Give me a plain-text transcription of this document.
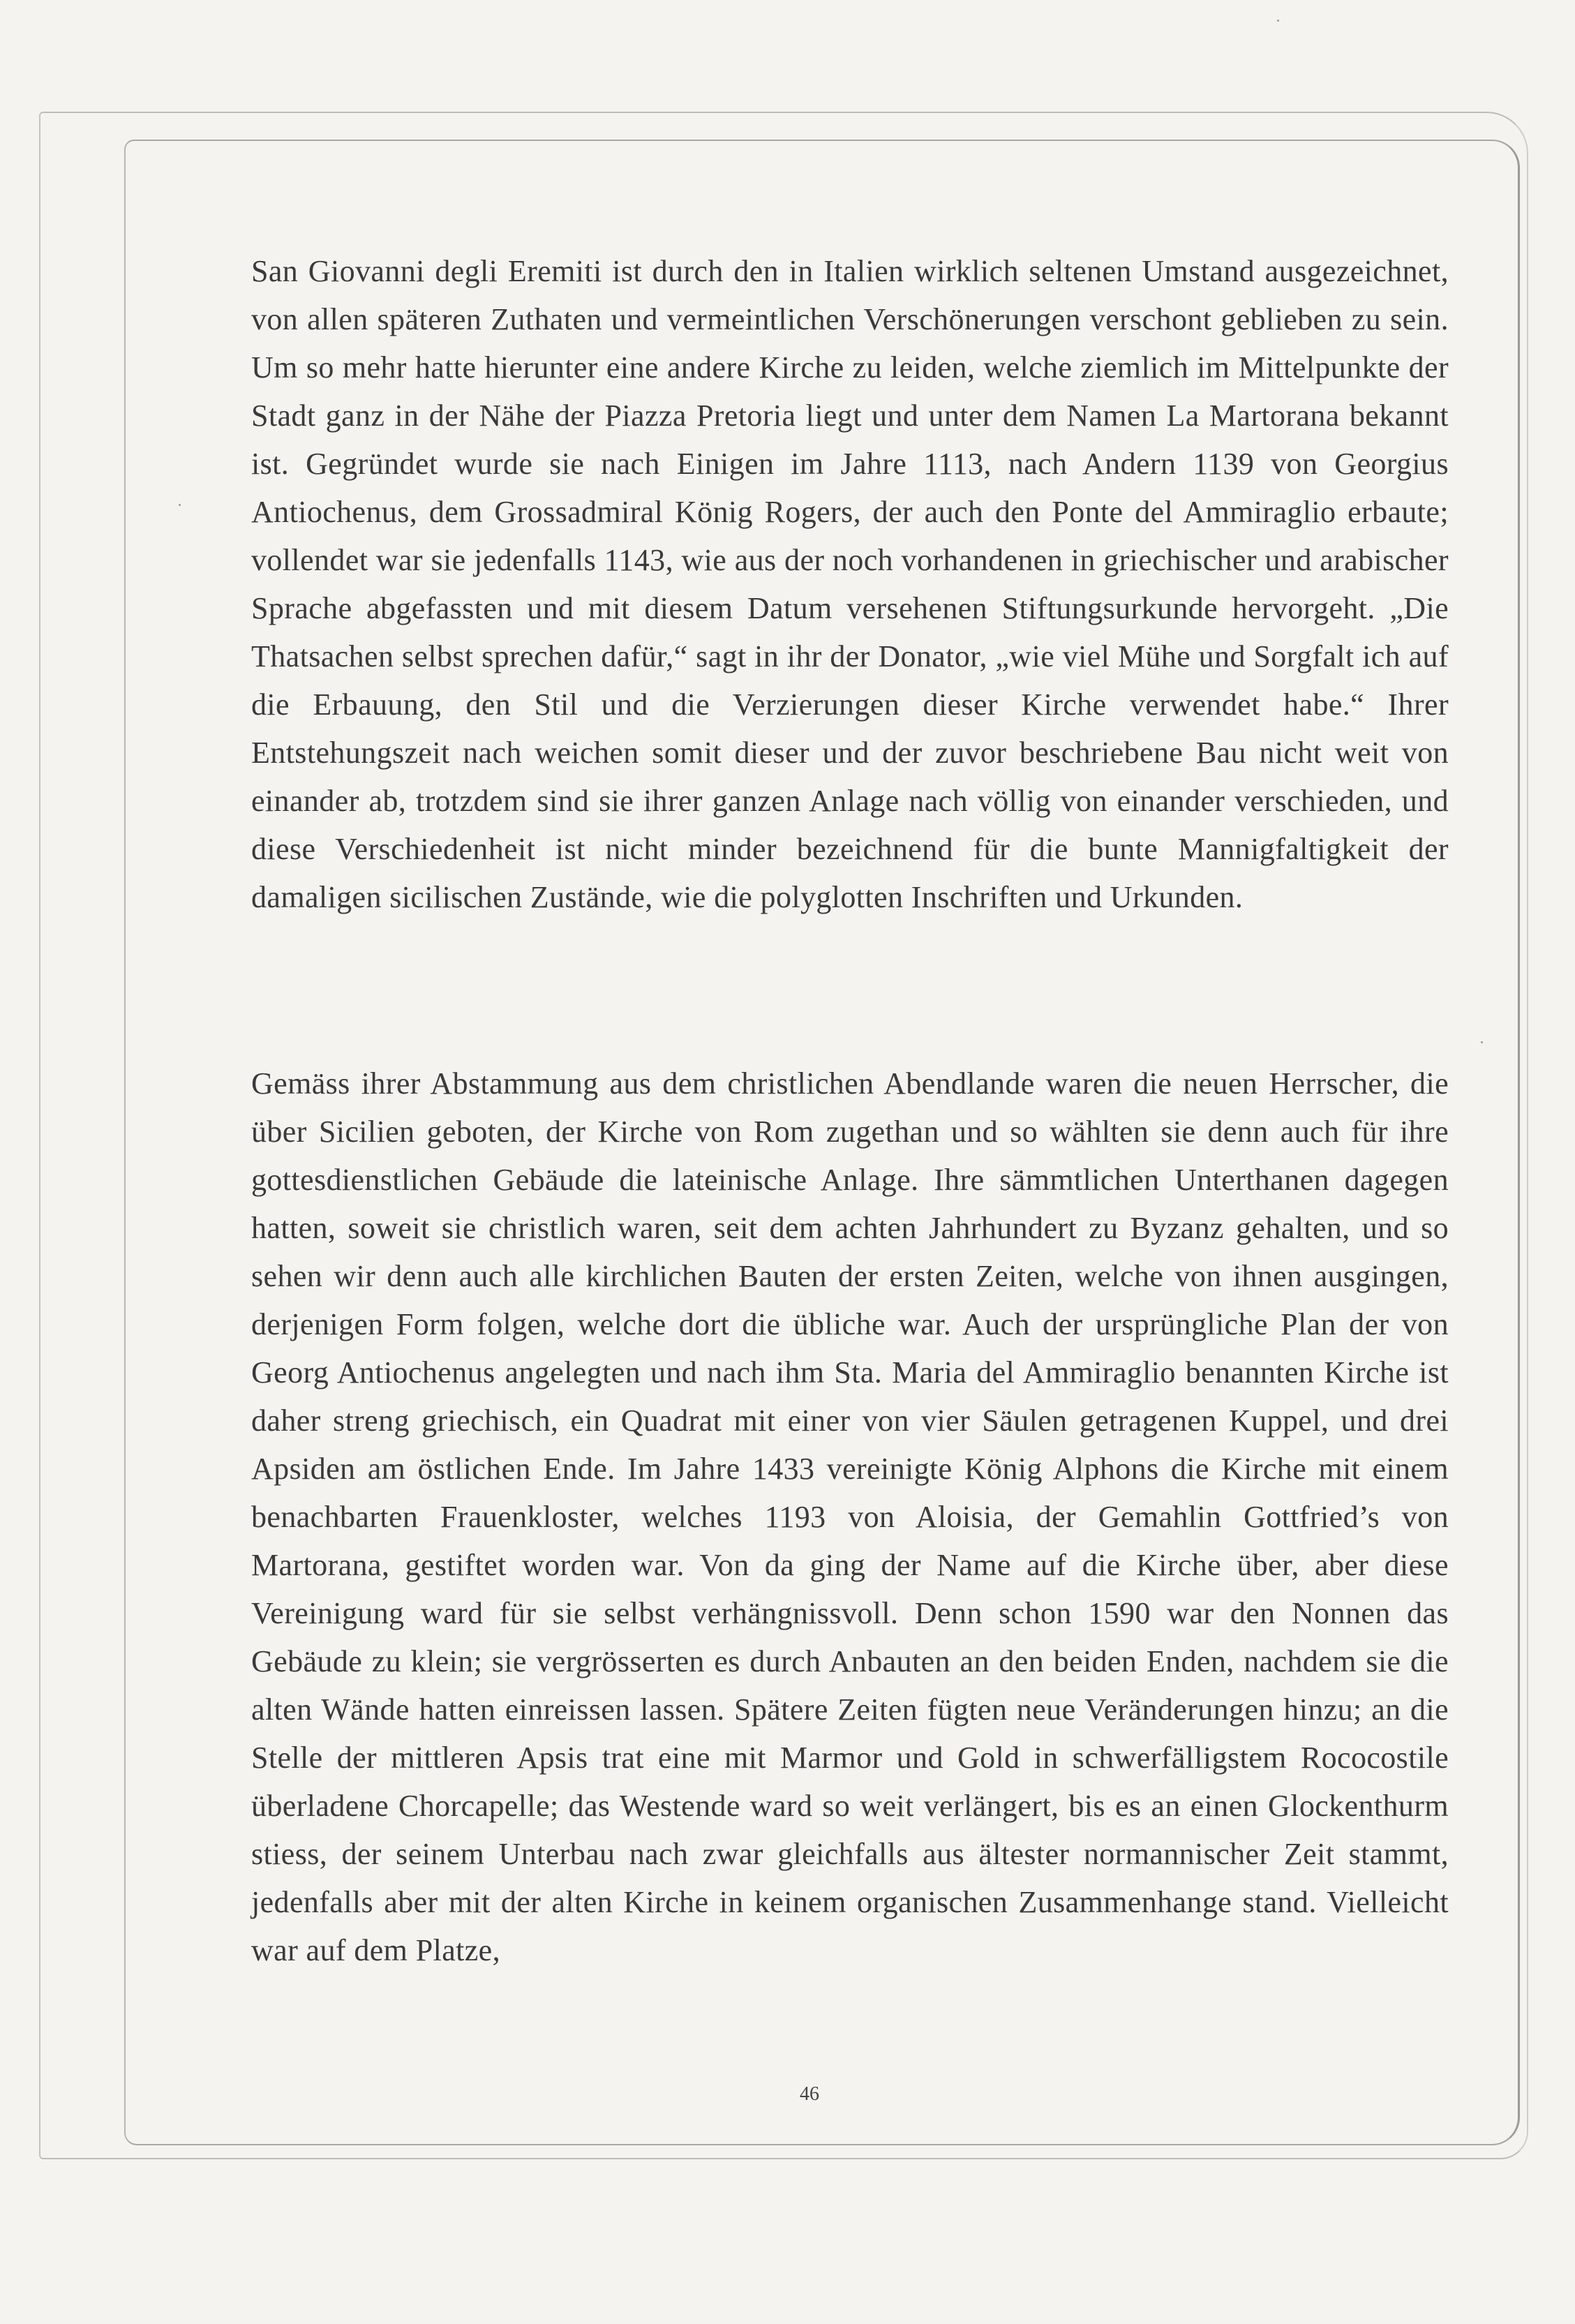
San Giovanni degli Eremiti ist durch den in Italien wirklich seltenen Umstand ausgezeichnet, von allen späteren Zuthaten und vermeintlichen Verschönerungen verschont geblieben zu sein. Um so mehr hatte hierunter eine andere Kirche zu leiden, welche ziemlich im Mittelpunkte der Stadt ganz in der Nähe der Piazza Pretoria liegt und unter dem Namen La Martorana bekannt ist. Gegründet wurde sie nach Einigen im Jahre 1113, nach Andern 1139 von Georgius Antiochenus, dem Grossadmiral König Rogers, der auch den Ponte del Ammiraglio erbaute; vollendet war sie jedenfalls 1143, wie aus der noch vorhandenen in griechischer und arabischer Sprache abgefassten und mit diesem Datum versehenen Stiftungsurkunde hervorgeht. „Die Thatsachen selbst sprechen dafür,“ sagt in ihr der Donator, „wie viel Mühe und Sorgfalt ich auf die Erbauung, den Stil und die Verzierungen dieser Kirche verwendet habe.“ Ihrer Entstehungszeit nach weichen somit dieser und der zuvor beschriebene Bau nicht weit von einander ab, trotzdem sind sie ihrer ganzen Anlage nach völlig von einander verschieden, und diese Verschiedenheit ist nicht minder bezeichnend für die bunte Mannigfaltigkeit der damaligen sicilischen Zustände, wie die polyglotten Inschriften und Urkunden.

Gemäss ihrer Abstammung aus dem christlichen Abendlande waren die neuen Herrscher, die über Sicilien geboten, der Kirche von Rom zugethan und so wählten sie denn auch für ihre gottesdienstlichen Gebäude die lateinische Anlage. Ihre sämmtlichen Unterthanen dagegen hatten, soweit sie christlich waren, seit dem achten Jahrhundert zu Byzanz gehalten, und so sehen wir denn auch alle kirchlichen Bauten der ersten Zeiten, welche von ihnen ausgingen, derjenigen Form folgen, welche dort die übliche war. Auch der ursprüngliche Plan der von Georg Antiochenus angelegten und nach ihm Sta. Maria del Ammiraglio benannten Kirche ist daher streng griechisch, ein Quadrat mit einer von vier Säulen getragenen Kuppel, und drei Apsiden am östlichen Ende. Im Jahre 1433 vereinigte König Alphons die Kirche mit einem benachbarten Frauenkloster, welches 1193 von Aloisia, der Gemahlin Gottfried’s von Martorana, gestiftet worden war. Von da ging der Name auf die Kirche über, aber diese Vereinigung ward für sie selbst verhängnissvoll. Denn schon 1590 war den Nonnen das Gebäude zu klein; sie vergrösserten es durch Anbauten an den beiden Enden, nachdem sie die alten Wände hatten einreissen lassen. Spätere Zeiten fügten neue Veränderungen hinzu; an die Stelle der mittleren Apsis trat eine mit Marmor und Gold in schwerfälligstem Rococostile überladene Chorcapelle; das Westende ward so weit verlängert, bis es an einen Glockenthurm stiess, der seinem Unterbau nach zwar gleichfalls aus ältester normannischer Zeit stammt, jedenfalls aber mit der alten Kirche in keinem organischen Zusammenhange stand. Vielleicht war auf dem Platze,

46
